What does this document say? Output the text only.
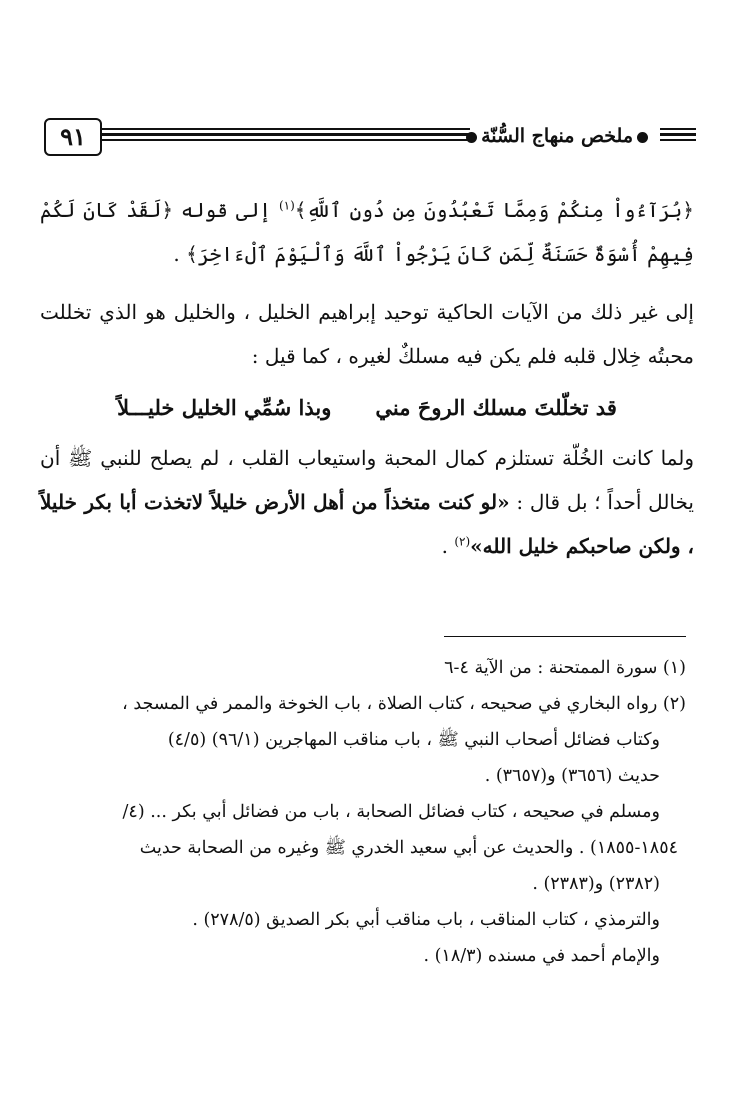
٩١	ملخص منهاج السُّنّة

﴿بُرَآءُواْ مِنكُمْ وَمِمَّا تَعْبُدُونَ مِن دُونِ ٱللَّهِ﴾$^{(١)}$ إلى قوله ﴿لَقَدْ كَانَ لَكُمْ فِيهِمْ أُسْوَةٌ حَسَنَةٌ لِّمَن كَانَ يَرْجُواْ ٱللَّهَ وَٱلْيَوْمَ ٱلْءَاخِرَ﴾ .

إلى غير ذلك من الآيات الحاكية توحيد إبراهيم الخليل ، والخليل هو الذي تخللت محبتُه خِلال قلبه فلم يكن فيه مسلكٌ لغيره ، كما قيل :

قد تخلّلتَ مسلك الروحَ منيوبذا سُمِّي الخليل خليـــلاً

ولما كانت الخُلّة تستلزم كمال المحبة واستيعاب القلب ، لم يصلح للنبي ﷺ أن يخالل أحداً ؛ بل قال : «لو كنت متخذاً من أهل الأرض خليلاً لاتخذت أبا بكر خليلاً ، ولكن صاحبكم خليل الله»$^{(٢)}$ .

(١) سورة الممتحنة : من الآية ٤-٦

(٢) رواه البخاري في صحيحه ، كتاب الصلاة ، باب الخوخة والممر في المسجد ،

وكتاب فضائل أصحاب النبي ﷺ ، باب مناقب المهاجرين (٩٦/١) (٤/٥)

حديث (٣٦٥٦) و(٣٦٥٧) .

ومسلم في صحيحه ، كتاب فضائل الصحابة ، باب من فضائل أبي بكر ... (٤/

١٨٥٤-١٨٥٥) . والحديث عن أبي سعيد الخدري ﷺ وغيره من الصحابة حديث

(٢٣٨٢) و(٢٣٨٣) .

والترمذي ، كتاب المناقب ، باب مناقب أبي بكر الصديق (٢٧٨/٥) .

والإمام أحمد في مسنده (١٨/٣) .
